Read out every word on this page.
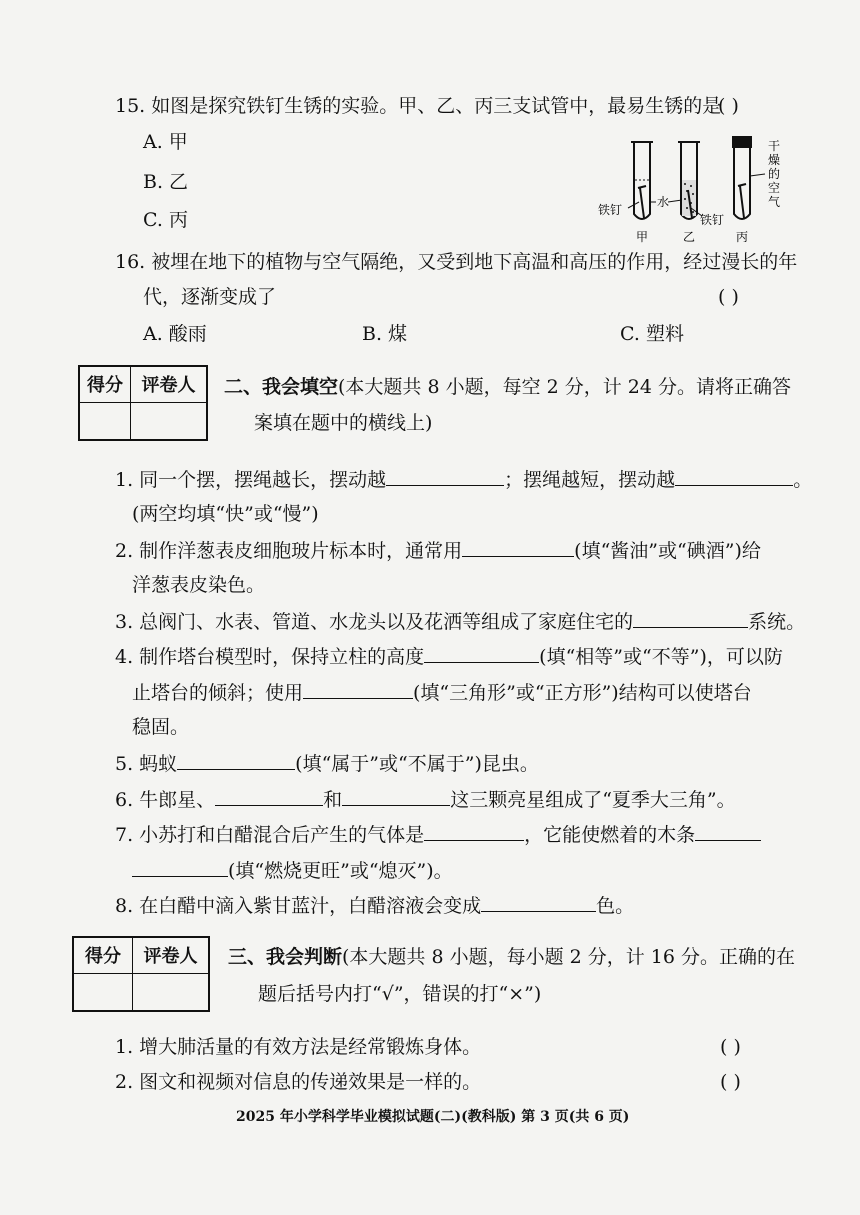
15. 如图是探究铁钉生锈的实验。甲、乙、丙三支试管中，最易生锈的是
( )
A. 甲
B. 乙
C. 丙	铁钉
水
铁钉
干
燥
的
空
气
甲	乙	丙
16. 被埋在地下的植物与空气隔绝，又受到地下高温和高压的作用，经过漫长的年
代，逐渐变成了	( )
A. 酸雨	B. 煤	C. 塑料
得分	评卷人
	二、我会填空(本大题共 8 小题，每空 2 分，计 24 分。请将正确答
案填在题中的横线上)
1. 同一个摆，摆绳越长，摆动越	；摆绳越短，摆动越	。
(两空均填“快”或“慢”)
2. 制作洋葱表皮细胞玻片标本时，通常用	(填“酱油”或“碘酒”)给
洋葱表皮染色。
3. 总阀门、水表、管道、水龙头以及花洒等组成了家庭住宅的	系统。
4. 制作塔台模型时，保持立柱的高度	(填“相等”或“不等”)，可以防
止塔台的倾斜；使用	(填“三角形”或“正方形”)结构可以使塔台
稳固。
5. 蚂蚁	(填“属于”或“不属于”)昆虫。
6. 牛郎星、	和	这三颗亮星组成了“夏季大三角”。
7. 小苏打和白醋混合后产生的气体是	，它能使燃着的木条
(填“燃烧更旺”或“熄灭”)。
8. 在白醋中滴入紫甘蓝汁，白醋溶液会变成	色。
得分	评卷人
	三、我会判断(本大题共 8 小题，每小题 2 分，计 16 分。正确的在
题后括号内打“√”，错误的打“×”)
1. 增大肺活量的有效方法是经常锻炼身体。	( )
2. 图文和视频对信息的传递效果是一样的。	( )
2025 年小学科学毕业模拟试题(二)(教科版) 第 3 页(共 6 页)
